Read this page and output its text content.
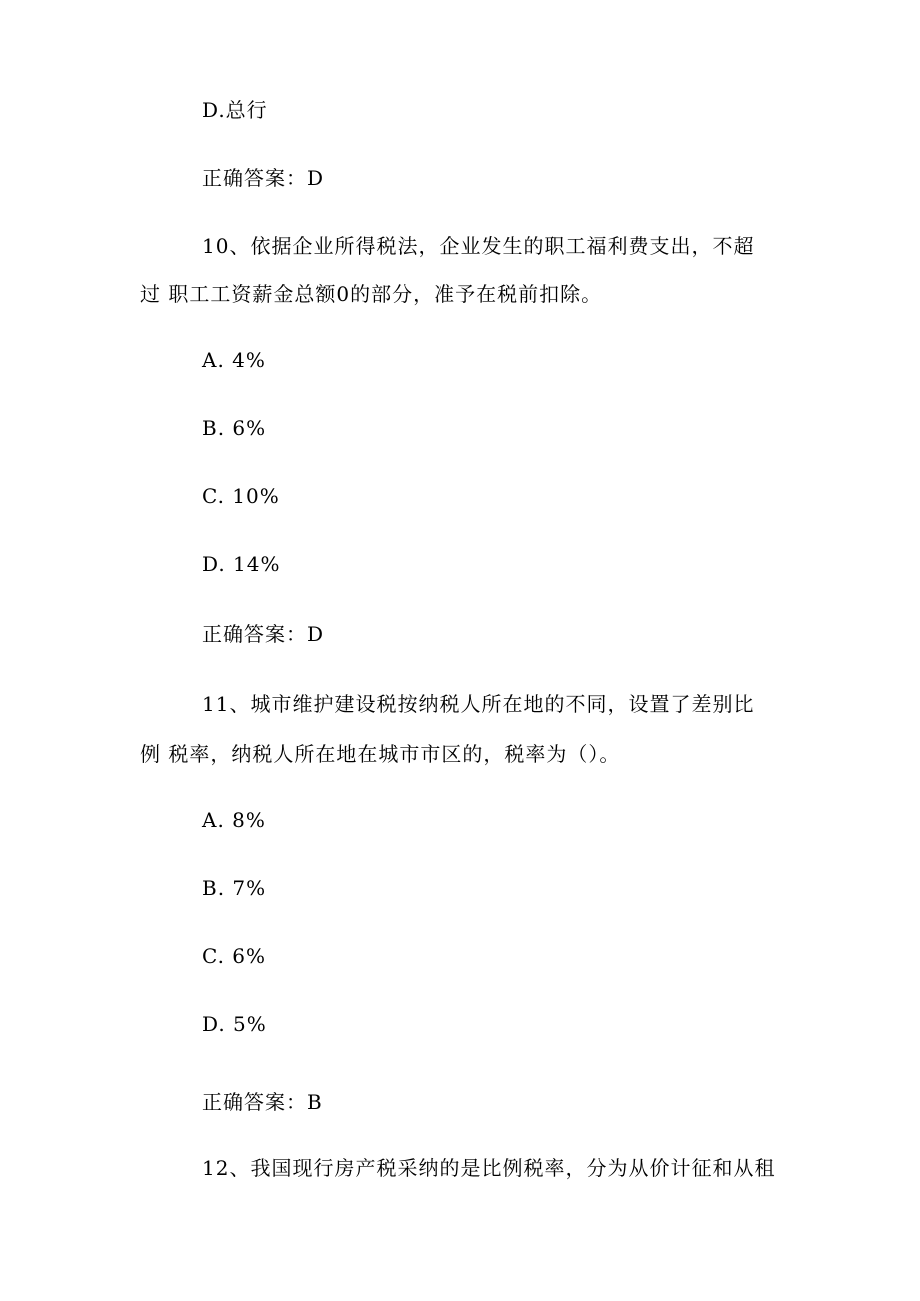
D.总行
正确答案：D
10、依据企业所得税法，企业发生的职工福利费支出，不超
过 职工工资薪金总额0的部分，准予在税前扣除。
A. 4%
B. 6%
C. 10%
D. 14%
正确答案：D
11、城市维护建设税按纳税人所在地的不同，设置了差别比
例 税率，纳税人所在地在城市市区的，税率为（）。
A. 8%
B. 7%
C. 6%
D. 5%
正确答案：B
12、我国现行房产税采纳的是比例税率，分为从价计征和从租
